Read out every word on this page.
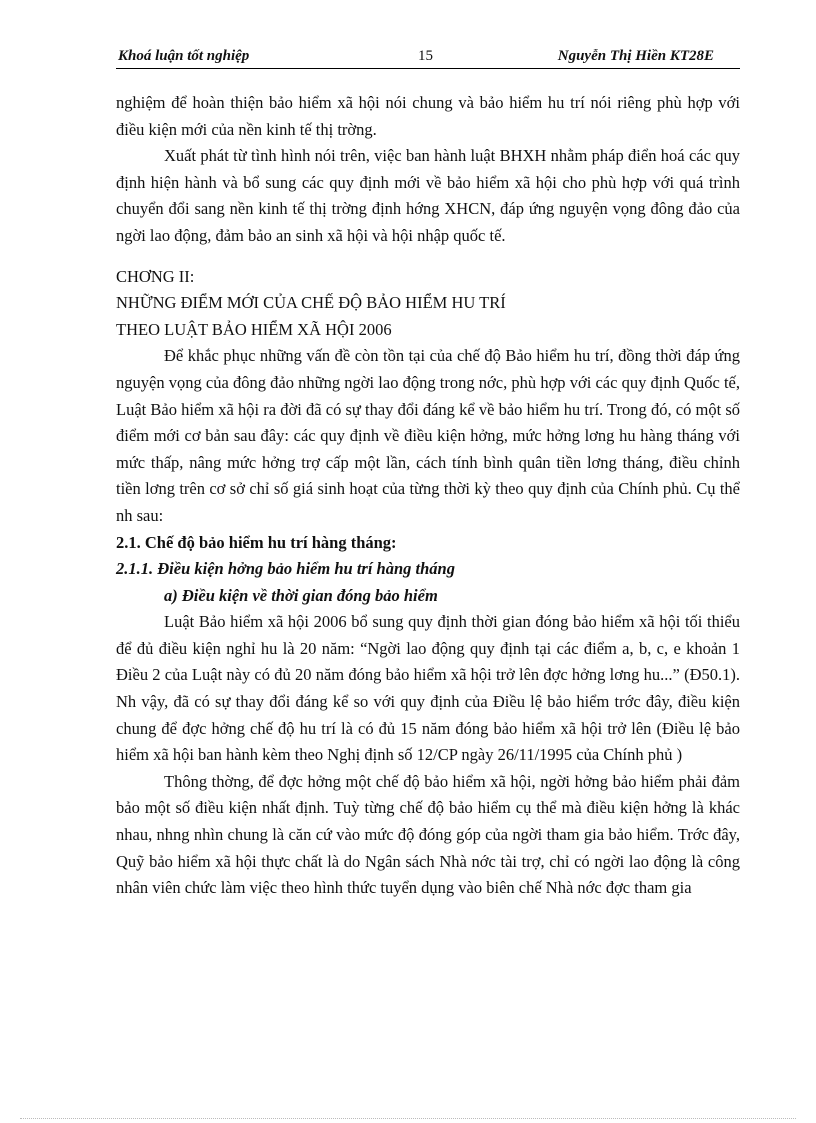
Khoá luận tốt nghiệp	15	Nguyễn Thị Hiền KT28E

nghiệm để hoàn thiện bảo hiểm xã hội nói chung và bảo hiểm hu trí nói riêng phù hợp với điều kiện mới của nền kinh tế thị trờng.

Xuất phát từ tình hình nói trên, việc ban hành luật BHXH nhằm pháp điển hoá các quy định hiện hành và bổ sung các quy định mới về bảo hiểm xã hội cho phù hợp với quá trình chuyển đổi sang nền kinh tế thị trờng định hớng XHCN, đáp ứng nguyện vọng đông đảo của ngời lao động, đảm bảo an sinh xã hội và hội nhập quốc tế.

CHƠNG II:
NHỮNG ĐIỂM MỚI CỦA CHẾ ĐỘ BẢO HIỂM HU TRÍ
THEO LUẬT BẢO HIỂM XÃ HỘI 2006

Để khắc phục những vấn đề còn tồn tại của chế độ Bảo hiểm hu trí, đồng thời đáp ứng nguyện vọng của đông đảo những ngời lao động trong nớc, phù hợp với các quy định Quốc tế, Luật Bảo hiểm xã hội ra đời đã có sự thay đổi đáng kể về bảo hiểm hu trí. Trong đó, có một số điểm mới cơ bản sau đây: các quy định về điều kiện hởng, mức hởng lơng hu hàng tháng với mức thấp, nâng mức hởng trợ cấp một lần, cách tính bình quân tiền lơng tháng, điều chỉnh tiền lơng trên cơ sở chỉ số giá sinh hoạt của từng thời kỳ theo quy định của Chính phủ. Cụ thể nh sau:

2.1. Chế độ bảo hiểm hu trí hàng tháng:

2.1.1. Điều kiện hởng bảo hiểm hu trí hàng tháng

a) Điều kiện về thời gian đóng bảo hiểm

Luật Bảo hiểm xã hội 2006 bổ sung quy định thời gian đóng bảo hiểm xã hội tối thiểu để đủ điều kiện nghỉ hu là 20 năm: “Ngời lao động quy định tại các điểm a, b, c, e khoản 1 Điều 2 của Luật này có đủ 20 năm đóng bảo hiểm xã hội trở lên đợc hởng lơng hu...” (Đ50.1). Nh vậy, đã có sự thay đổi đáng kể so với quy định của Điều lệ bảo hiểm trớc đây, điều kiện chung để đợc hởng chế độ hu trí là có đủ 15 năm đóng bảo hiểm xã hội trở lên (Điều lệ bảo hiểm xã hội ban hành kèm theo Nghị định số 12/CP ngày 26/11/1995 của Chính phủ )

Thông thờng, để đợc hởng một chế độ bảo hiểm xã hội, ngời hởng bảo hiểm phải đảm bảo một số điều kiện nhất định. Tuỳ từng chế độ bảo hiểm cụ thể mà điều kiện hởng là khác nhau, nhng nhìn chung là căn cứ vào mức độ đóng góp của ngời tham gia bảo hiểm. Trớc đây, Quỹ bảo hiểm xã hội thực chất là do Ngân sách Nhà nớc tài trợ, chỉ có ngời lao động là công nhân viên chức làm việc theo hình thức tuyển dụng vào biên chế Nhà nớc đợc tham gia
